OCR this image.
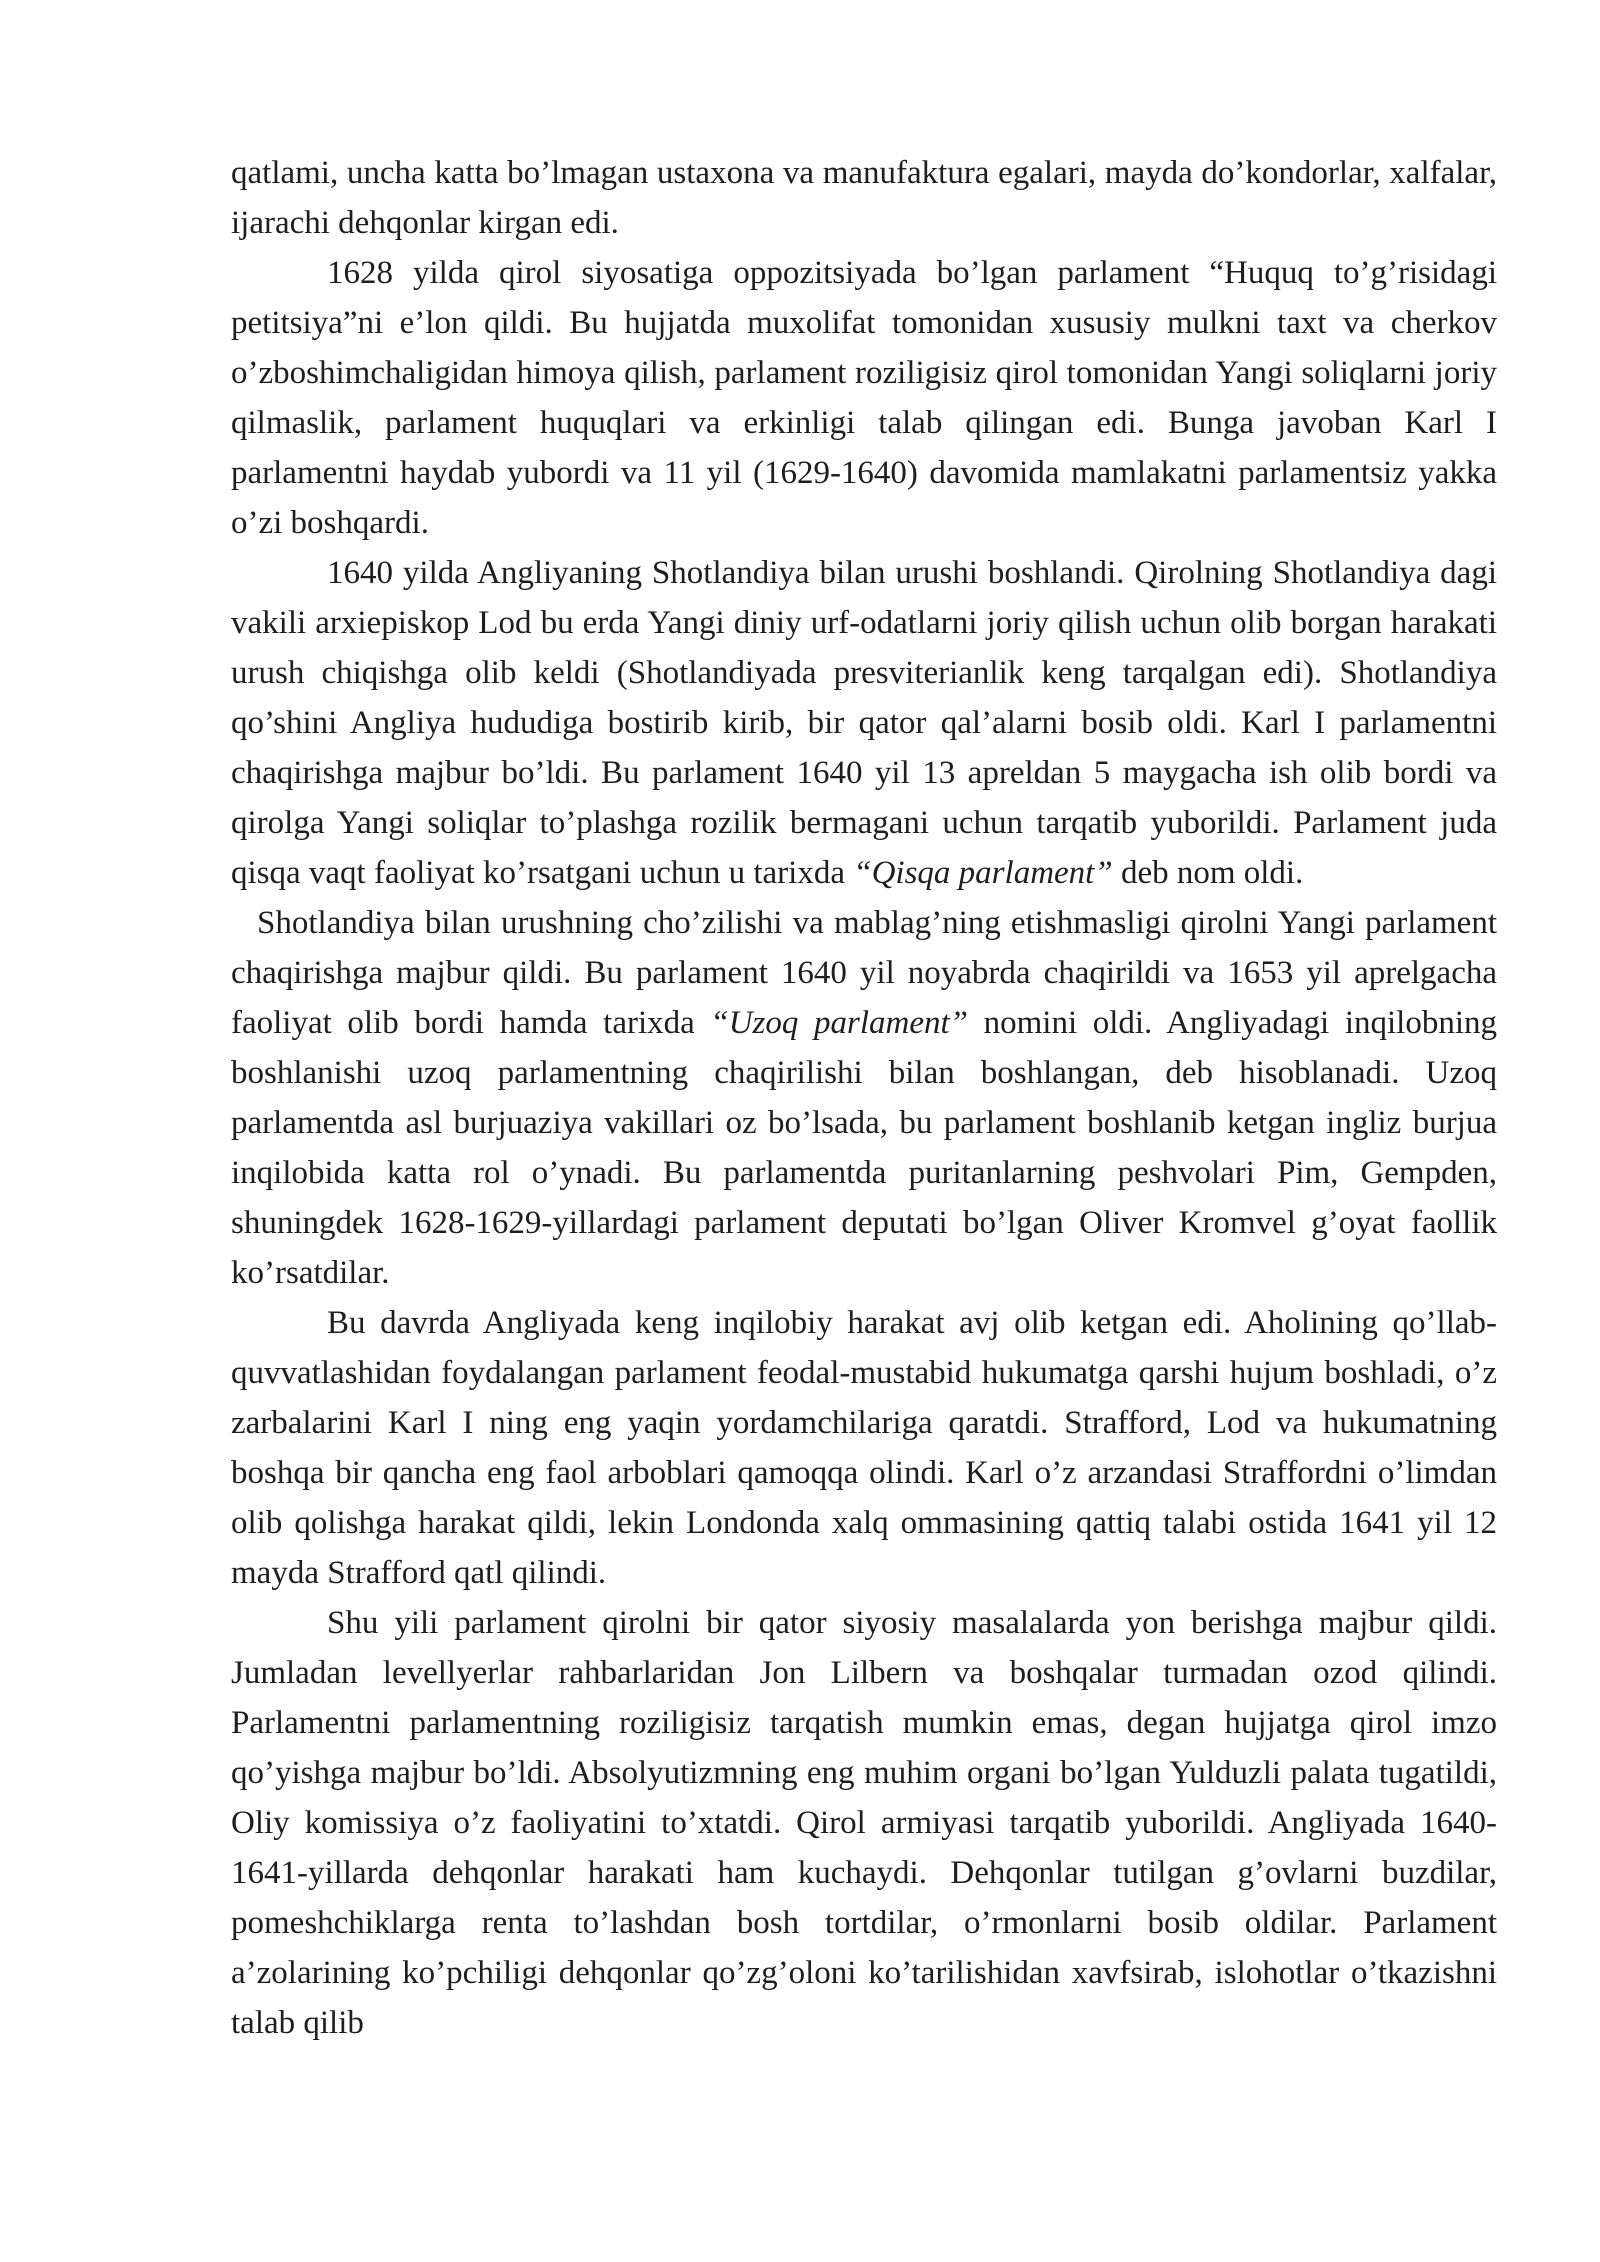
qatlami, uncha katta bo’lmagan ustaxona va manufaktura egalari, mayda do’kondorlar, xalfalar, ijarachi dehqonlar kirgan edi.

1628 yilda qirol siyosatiga oppozitsiyada bo’lgan parlament “Huquq to’g’risidagi petitsiya”ni e’lon qildi. Bu hujjatda muxolifat tomonidan xususiy mulkni taxt va cherkov o’zboshimchaligidan himoya qilish, parlament roziligisiz qirol tomonidan Yangi soliqlarni joriy qilmaslik, parlament huquqlari va erkinligi talab qilingan edi. Bunga javoban Karl I parlamentni haydab yubordi va 11 yil (1629-1640) davomida mamlakatni parlamentsiz yakka o’zi boshqardi.

1640 yilda Angliyaning Shotlandiya bilan urushi boshlandi. Qirolning Shotlandiya dagi vakili arxiepiskop Lod bu erda Yangi diniy urf-odatlarni joriy qilish uchun olib borgan harakati urush chiqishga olib keldi (Shotlandiyada presviterianlik keng tarqalgan edi). Shotlandiya qo’shini Angliya hududiga bostirib kirib, bir qator qal’alarni bosib oldi. Karl I parlamentni chaqirishga majbur bo’ldi. Bu parlament 1640 yil 13 apreldan 5 maygacha ish olib bordi va qirolga Yangi soliqlar to’plashga rozilik bermagani uchun tarqatib yuborildi. Parlament juda qisqa vaqt faoliyat ko’rsatgani uchun u tarixda “Qisqa parlament” deb nom oldi.

Shotlandiya bilan urushning cho’zilishi va mablag’ning etishmasligi qirolni Yangi parlament chaqirishga majbur qildi. Bu parlament 1640 yil noyabrda chaqirildi va 1653 yil aprelgacha faoliyat olib bordi hamda tarixda “Uzoq parlament” nomini oldi. Angliyadagi inqilobning boshlanishi uzoq parlamentning chaqirilishi bilan boshlangan, deb hisoblanadi. Uzoq parlamentda asl burjuaziya vakillari oz bo’lsada, bu parlament boshlanib ketgan ingliz burjua inqilobida katta rol o’ynadi. Bu parlamentda puritanlarning peshvolari Pim, Gempden, shuningdek 1628-1629-yillardagi parlament deputati bo’lgan Oliver Kromvel g’oyat faollik ko’rsatdilar.

Bu davrda Angliyada keng inqilobiy harakat avj olib ketgan edi. Aholining qo’llab-quvvatlashidan foydalangan parlament feodal-mustabid hukumatga qarshi hujum boshladi, o’z zarbalarini Karl I ning eng yaqin yordamchilariga qaratdi. Strafford, Lod va hukumatning boshqa bir qancha eng faol arboblari qamoqqa olindi. Karl o’z arzandasi Straffordni o’limdan olib qolishga harakat qildi, lekin Londonda xalq ommasining qattiq talabi ostida 1641 yil 12 mayda Strafford qatl qilindi.

Shu yili parlament qirolni bir qator siyosiy masalalarda yon berishga majbur qildi. Jumladan levellyerlar rahbarlaridan Jon Lilbern va boshqalar turmadan ozod qilindi. Parlamentni parlamentning roziligisiz tarqatish mumkin emas, degan hujjatga qirol imzo qo’yishga majbur bo’ldi. Absolyutizmning eng muhim organi bo’lgan Yulduzli palata tugatildi, Oliy komissiya o’z faoliyatini to’xtatdi. Qirol armiyasi tarqatib yuborildi. Angliyada 1640-1641-yillarda dehqonlar harakati ham kuchaydi. Dehqonlar tutilgan g’ovlarni buzdilar, pomeshchiklarga renta to’lashdan bosh tortdilar, o’rmonlarni bosib oldilar. Parlament a’zolarining ko’pchiligi dehqonlar qo’zg’oloni ko’tarilishidan xavfsirab, islohotlar o’tkazishni talab qilib
